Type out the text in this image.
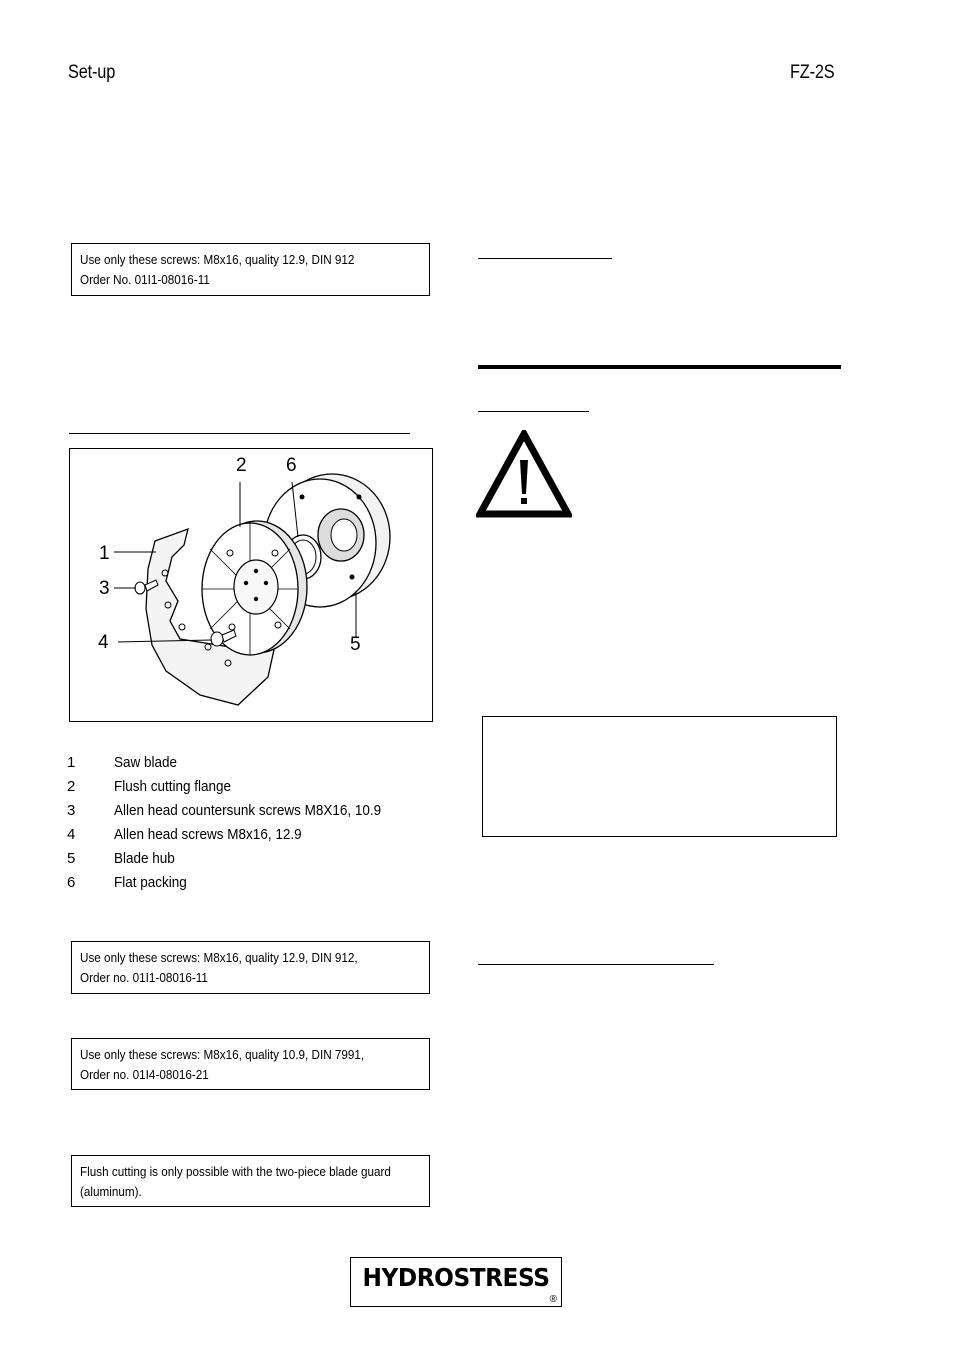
Set-up	FZ-2S
Use only these screws: M8x16, quality 12.9, DIN 912
Order No. 01I1-08016-11
2 6
1
3
4	5
1	Saw blade
2	Flush cutting flange
3	Allen head countersunk screws M8X16, 10.9
4	Allen head screws M8x16, 12.9
5	Blade hub
6	Flat packing
Use only these screws: M8x16, quality 12.9, DIN 912,
Order no. 01I1-08016-11
Use only these screws: M8x16, quality 10.9, DIN 7991,
Order no. 01I4-08016-21
Flush cutting is only possible with the two-piece blade guard
(aluminum).
HYDROSTRESS
®
